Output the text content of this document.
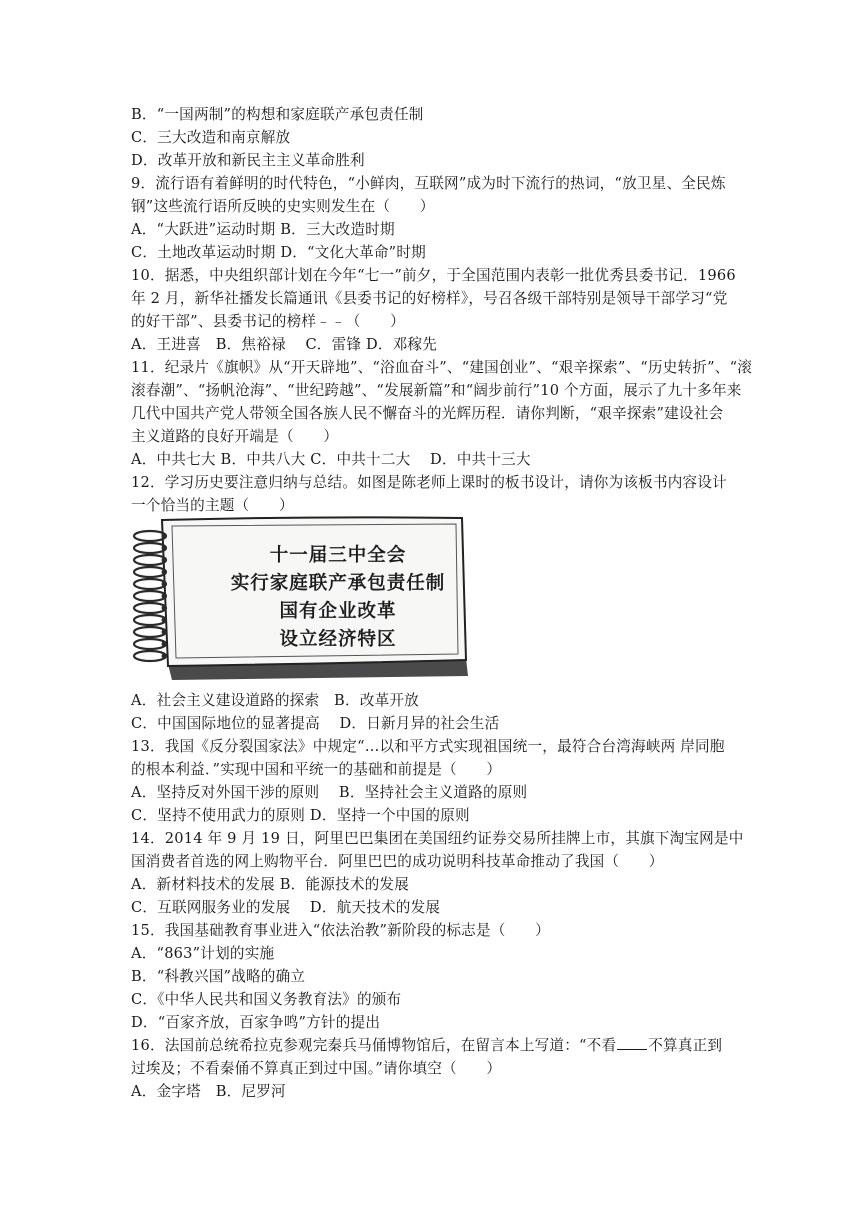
B．“一国两制”的构想和家庭联产承包责任制
C．三大改造和南京解放
D．改革开放和新民主主义革命胜利
9．流行语有着鲜明的时代特色，“小鲜肉，互联网”成为时下流行的热词，“放卫星、全民炼
钢”这些流行语所反映的史实则发生在（　　）
A．“大跃进”运动时期 B．三大改造时期
C．土地改革运动时期 D．“文化大革命”时期
10．据悉，中央组织部计划在今年“七一”前夕，于全国范围内表彰一批优秀县委书记．1966
年 2 月，新华社播发长篇通讯《县委书记的好榜样》，号召各级干部特别是领导干部学习“党
的好干部”、县委书记的榜样﹣﹣（　　）
A．王进喜　B．焦裕禄　 C．雷锋 D．邓稼先
11．纪录片《旗帜》从“开天辟地”、“浴血奋斗”、“建国创业”、“艰辛探索”、“历史转折”、“滚
滚春潮”、“扬帆沧海”、“世纪跨越”、“发展新篇”和“阔步前行”10 个方面，展示了九十多年来
几代中国共产党人带领全国各族人民不懈奋斗的光辉历程．请你判断，“艰辛探索”建设社会
主义道路的良好开端是（　　）
A．中共七大 B．中共八大 C．中共十二大　 D．中共十三大
12．学习历史要注意归纳与总结。如图是陈老师上课时的板书设计，请你为该板书内容设计
一个恰当的主题（　　）
十一届三中全会
实行家庭联产承包责任制
国有企业改革
设立经济特区
A．社会主义建设道路的探索　B．改革开放
C．中国国际地位的显著提高　 D．日新月异的社会生活
13．我国《反分裂国家法》中规定“…以和平方式实现祖国统一，最符合台湾海峡两 岸同胞
的根本利益．”实现中国和平统一的基础和前提是（　　）
A．坚持反对外国干涉的原则　 B．坚持社会主义道路的原则
C．坚持不使用武力的原则 D．坚持一个中国的原则
14．2014 年 9 月 19 日，阿里巴巴集团在美国纽约证券交易所挂牌上市，其旗下淘宝网是中
国消费者首选的网上购物平台．阿里巴巴的成功说明科技革命推动了我国（　　）
A．新材料技术的发展 B．能源技术的发展
C．互联网服务业的发展　 D．航天技术的发展
15．我国基础教育事业进入“依法治教”新阶段的标志是（　　）
A．“863”计划的实施
B．“科教兴国”战略的确立
C．《中华人民共和国义务教育法》的颁布
D．“百家齐放，百家争鸣”方针的提出
16．法国前总统希拉克参观完秦兵马俑博物馆后，在留言本上写道：“不看 不算真正到
过埃及；不看秦俑不算真正到过中国。”请你填空（　　）
A．金字塔　B．尼罗河
